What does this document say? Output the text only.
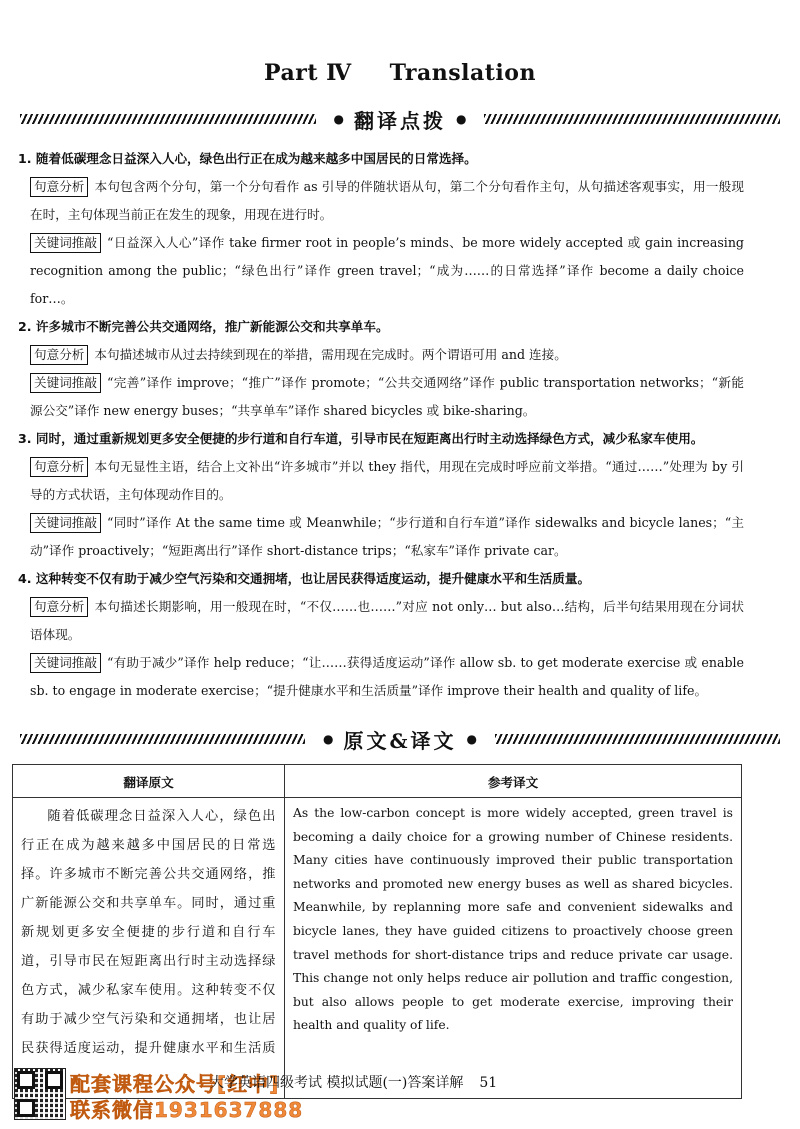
Part Ⅳ Translation
● 翻译点拨 ●

1. 随着低碳理念日益深入人心，绿色出行正在成为越来越多中国居民的日常选择。

句意分析 本句包含两个分句，第一个分句看作 as 引导的伴随状语从句，第二个分句看作主句，从句描述客观事实，用一般现在时，主句体现当前正在发生的现象，用现在进行时。

关键词推敲 “日益深入人心”译作 take firmer root in people’s minds、be more widely accepted 或 gain increasing recognition among the public；“绿色出行”译作 green travel；“成为……的日常选择”译作 become a daily choice for…。

2. 许多城市不断完善公共交通网络，推广新能源公交和共享单车。

句意分析 本句描述城市从过去持续到现在的举措，需用现在完成时。两个谓语可用 and 连接。

关键词推敲 “完善”译作 improve；“推广”译作 promote；“公共交通网络”译作 public transportation networks；“新能源公交”译作 new energy buses；“共享单车”译作 shared bicycles 或 bike-sharing。

3. 同时，通过重新规划更多安全便捷的步行道和自行车道，引导市民在短距离出行时主动选择绿色方式，减少私家车使用。

句意分析 本句无显性主语，结合上文补出“许多城市”并以 they 指代，用现在完成时呼应前文举措。“通过……”处理为 by 引导的方式状语，主句体现动作目的。

关键词推敲 “同时”译作 At the same time 或 Meanwhile；“步行道和自行车道”译作 sidewalks and bicycle lanes；“主动”译作 proactively；“短距离出行”译作 short-distance trips；“私家车”译作 private car。

4. 这种转变不仅有助于减少空气污染和交通拥堵，也让居民获得适度运动，提升健康水平和生活质量。

句意分析 本句描述长期影响，用一般现在时，“不仅……也……”对应 not only… but also…结构，后半句结果用现在分词状语体现。

关键词推敲 “有助于减少”译作 help reduce；“让……获得适度运动”译作 allow sb. to get moderate exercise 或 enable sb. to engage in moderate exercise；“提升健康水平和生活质量”译作 improve their health and quality of life。

● 原文&译文 ●
翻译原文	参考译文
随着低碳理念日益深入人心，绿色出行正在成为越来越多中国居民的日常选择。许多城市不断完善公共交通网络，推广新能源公交和共享单车。同时，通过重新规划更多安全便捷的步行道和自行车道，引导市民在短距离出行时主动选择绿色方式，减少私家车使用。这种转变不仅有助于减少空气污染和交通拥堵，也让居民获得适度运动，提升健康水平和生活质	As the low-carbon concept is more widely accepted, green travel is becoming a daily choice for a growing number of Chinese residents. Many cities have continuously improved their public transportation networks and promoted new energy buses as well as shared bicycles. Meanwhile, by replanning more safe and convenient sidewalks and bicycle lanes, they have guided citizens to proactively choose green travel methods for short-distance trips and reduce private car usage. This change not only helps reduce air pollution and traffic congestion, but also allows people to get moderate exercise, improving their health and quality of life.
配套课程公众号[红中]
联系微信1931637888
大学英语四级考试 模拟试题(一)答案详解 51
